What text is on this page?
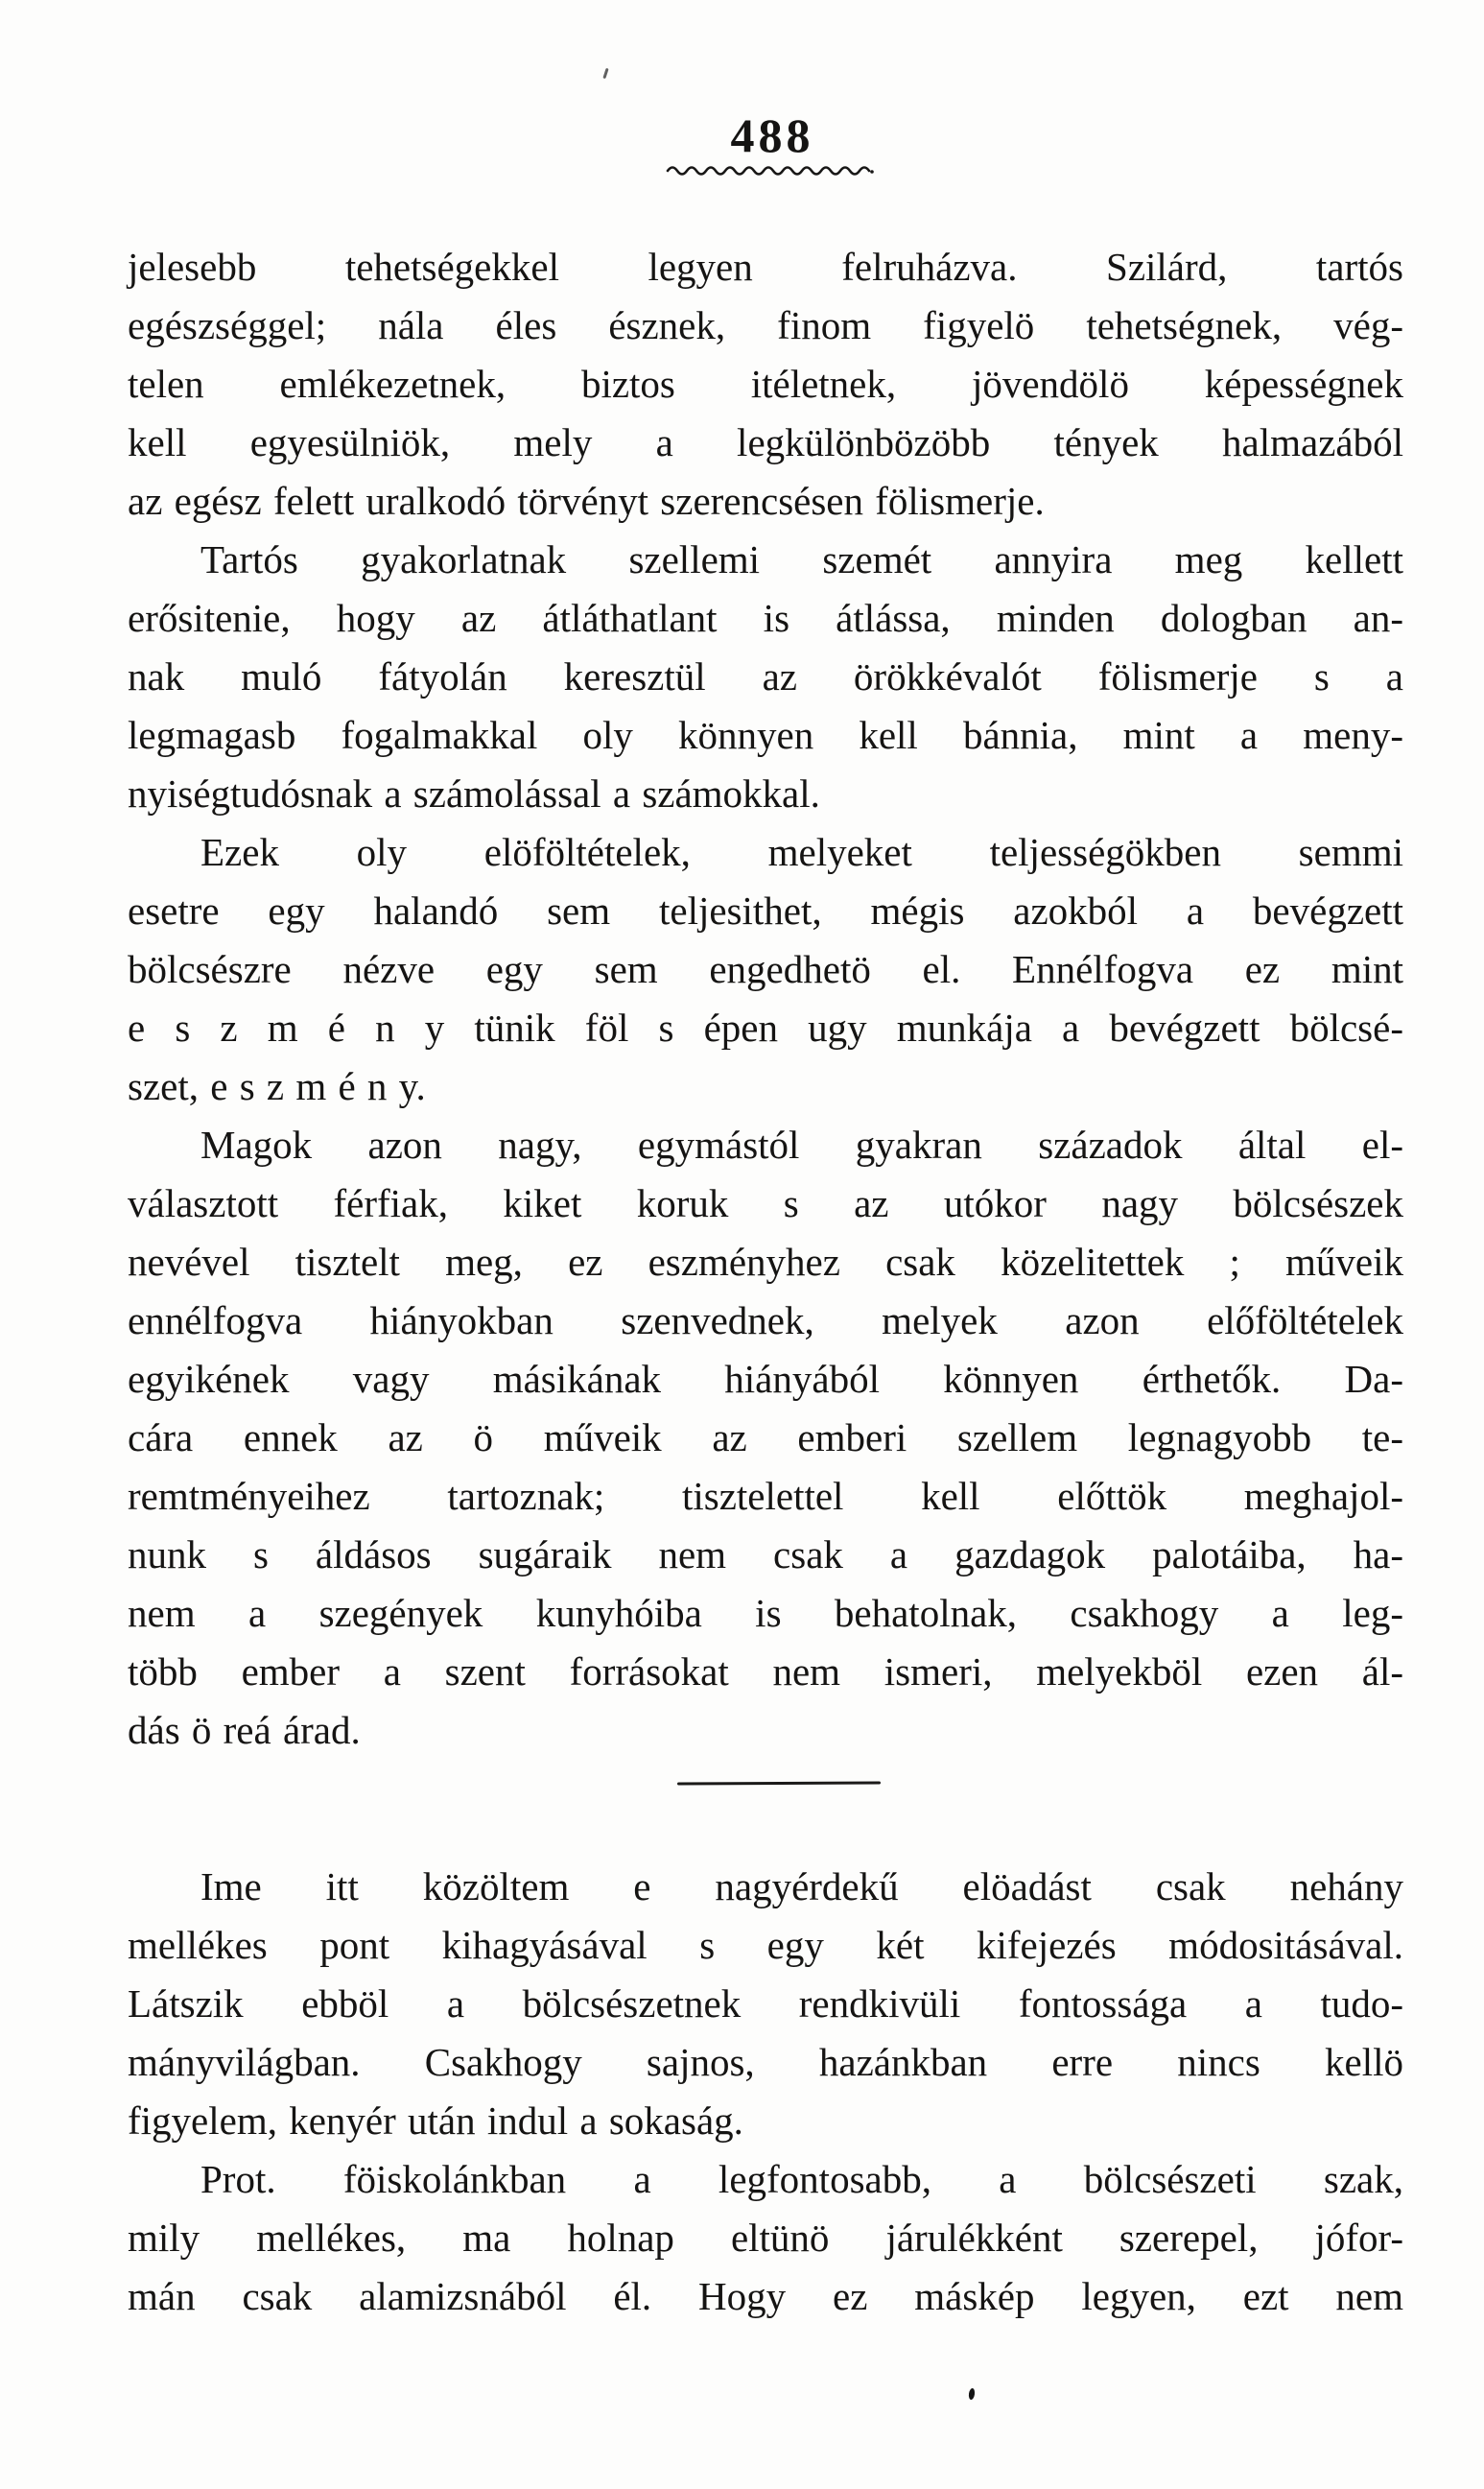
488
jelesebb tehetségekkel legyen felruházva. Szilárd, tartós
egészséggel; nála éles észnek, finom figyelö tehetségnek, vég-
telen emlékezetnek, biztos itéletnek, jövendölö képességnek
kell egyesülniök, mely a legkülönbözöbb tények halmazából
az egész felett uralkodó törvényt szerencsésen fölismerje.
Tartós gyakorlatnak szellemi szemét annyira meg kellett
erősitenie, hogy az átláthatlant is átlássa, minden dologban an-
nak muló fátyolán keresztül az örökkévalót fölismerje s a
legmagasb fogalmakkal oly könnyen kell bánnia, mint a meny-
nyiségtudósnak a számolással a számokkal.
Ezek oly elöföltételek, melyeket teljességökben semmi
esetre egy halandó sem teljesithet, mégis azokból a bevégzett
bölcsészre nézve egy sem engedhetö el. Ennélfogva ez mint
e s z m é n y tünik föl s épen ugy munkája a bevégzett bölcsé-
szet, e s z m é n y.
Magok azon nagy, egymástól gyakran századok által el-
választott férfiak, kiket koruk s az utókor nagy bölcsészek
nevével tisztelt meg, ez eszményhez csak közelitettek ; műveik
ennélfogva hiányokban szenvednek, melyek azon előföltételek
egyikének vagy másikának hiányából könnyen érthetők. Da-
cára ennek az ö műveik az emberi szellem legnagyobb te-
remtményeihez tartoznak; tisztelettel kell előttök meghajol-
nunk s áldásos sugáraik nem csak a gazdagok palotáiba, ha-
nem a szegények kunyhóiba is behatolnak, csakhogy a leg-
több ember a szent forrásokat nem ismeri, melyekböl ezen ál-
dás ö reá árad.
Ime itt közöltem e nagyérdekű elöadást csak nehány
mellékes pont kihagyásával s egy két kifejezés módositásával.
Látszik ebböl a bölcsészetnek rendkivüli fontossága a tudo-
mányvilágban. Csakhogy sajnos, hazánkban erre nincs kellö
figyelem, kenyér után indul a sokaság.
Prot. föiskolánkban a legfontosabb, a bölcsészeti szak,
mily mellékes, ma holnap eltünö járulékként szerepel, jófor-
mán csak alamizsnából él. Hogy ez máskép legyen, ezt nem
